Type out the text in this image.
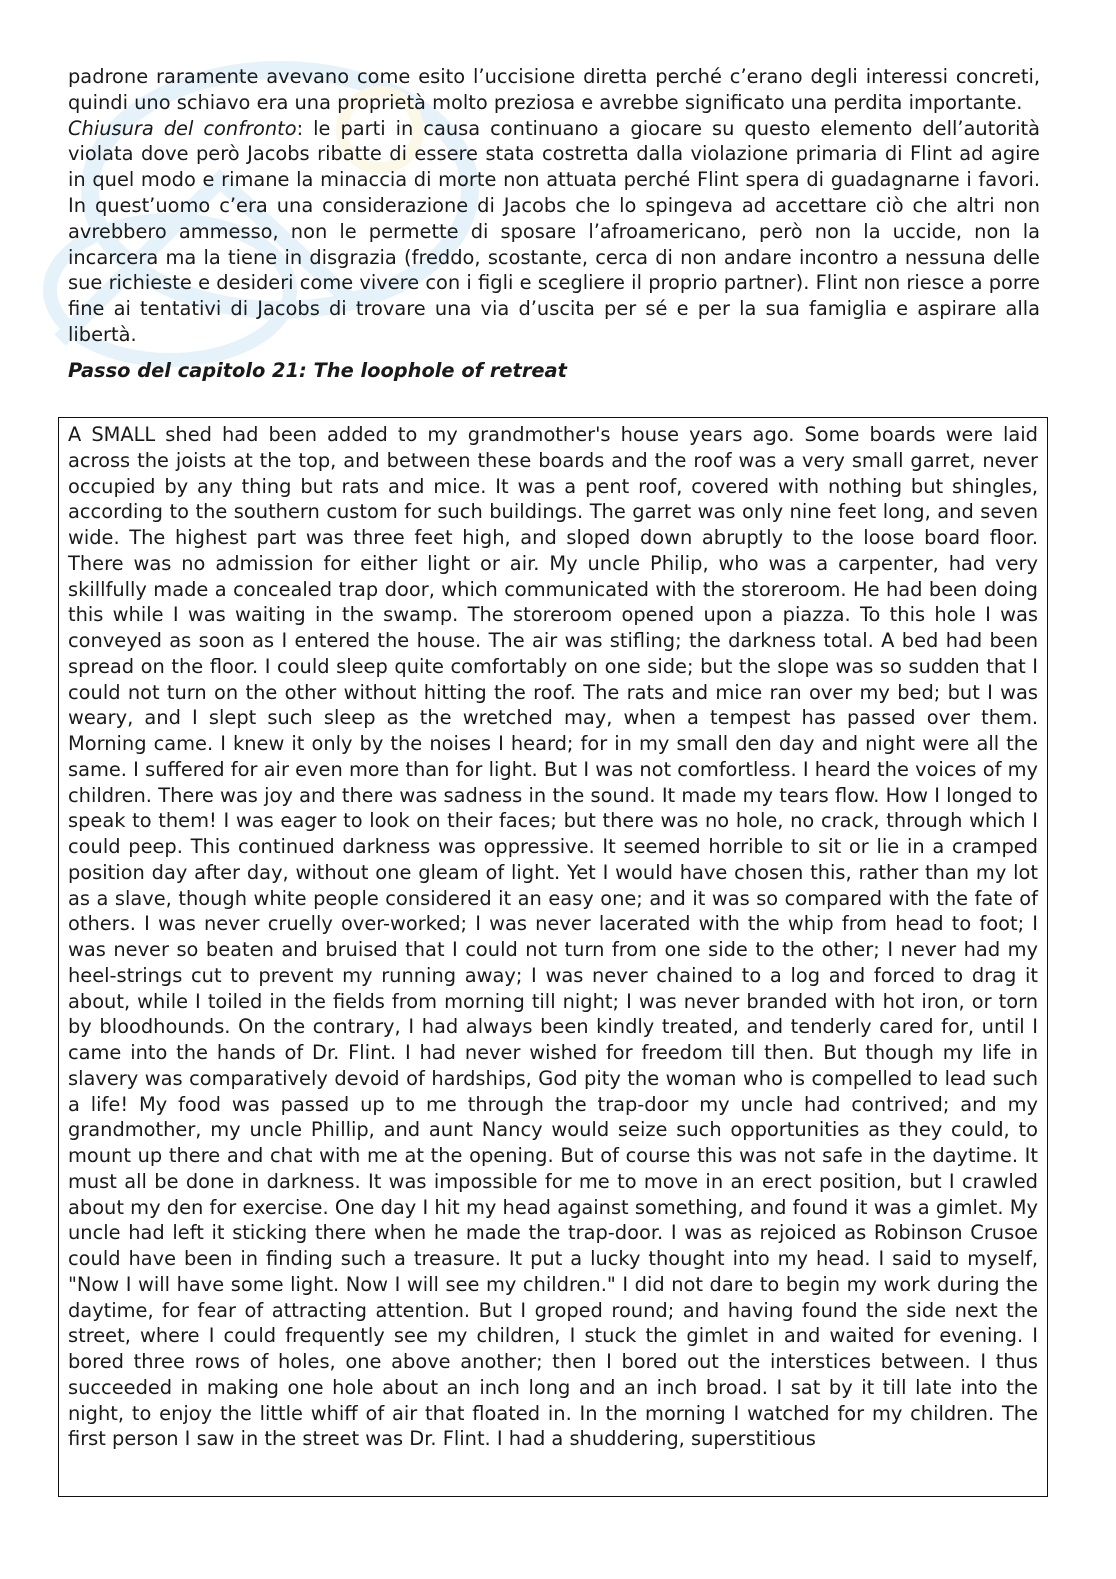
padrone raramente avevano come esito l’uccisione diretta perché c’erano degli interessi concreti, quindi uno schiavo era una proprietà molto preziosa e avrebbe significato una perdita importante.

Chiusura del confronto: le parti in causa continuano a giocare su questo elemento dell’autorità violata dove però Jacobs ribatte di essere stata costretta dalla violazione primaria di Flint ad agire in quel modo e rimane la minaccia di morte non attuata perché Flint spera di guadagnarne i favori. In quest’uomo c’era una considerazione di Jacobs che lo spingeva ad accettare ciò che altri non avrebbero ammesso, non le permette di sposare l’afroamericano, però non la uccide, non la incarcera ma la tiene in disgrazia (freddo, scostante, cerca di non andare incontro a nessuna delle sue richieste e desideri come vivere con i figli e scegliere il proprio partner). Flint non riesce a porre fine ai tentativi di Jacobs di trovare una via d’uscita per sé e per la sua famiglia e aspirare alla libertà.

Passo del capitolo 21: The loophole of retreat

A SMALL shed had been added to my grandmother's house years ago. Some boards were laid across the joists at the top, and between these boards and the roof was a very small garret, never occupied by any thing but rats and mice. It was a pent roof, covered with nothing but shingles, according to the southern custom for such buildings. The garret was only nine feet long, and seven wide. The highest part was three feet high, and sloped down abruptly to the loose board floor. There was no admission for either light or air. My uncle Philip, who was a carpenter, had very skillfully made a concealed trap door, which communicated with the storeroom. He had been doing this while I was waiting in the swamp. The storeroom opened upon a piazza. To this hole I was conveyed as soon as I entered the house. The air was stifling; the darkness total. A bed had been spread on the floor. I could sleep quite comfortably on one side; but the slope was so sudden that I could not turn on the other without hitting the roof. The rats and mice ran over my bed; but I was weary, and I slept such sleep as the wretched may, when a tempest has passed over them. Morning came. I knew it only by the noises I heard; for in my small den day and night were all the same. I suffered for air even more than for light. But I was not comfortless. I heard the voices of my children. There was joy and there was sadness in the sound. It made my tears flow. How I longed to speak to them! I was eager to look on their faces; but there was no hole, no crack, through which I could peep. This continued darkness was oppressive. It seemed horrible to sit or lie in a cramped position day after day, without one gleam of light. Yet I would have chosen this, rather than my lot as a slave, though white people considered it an easy one; and it was so compared with the fate of others. I was never cruelly over-worked; I was never lacerated with the whip from head to foot; I was never so beaten and bruised that I could not turn from one side to the other; I never had my heel-strings cut to prevent my running away; I was never chained to a log and forced to drag it about, while I toiled in the fields from morning till night; I was never branded with hot iron, or torn by bloodhounds. On the contrary, I had always been kindly treated, and tenderly cared for, until I came into the hands of Dr. Flint. I had never wished for freedom till then. But though my life in slavery was comparatively devoid of hardships, God pity the woman who is compelled to lead such a life! My food was passed up to me through the trap-door my uncle had contrived; and my grandmother, my uncle Phillip, and aunt Nancy would seize such opportunities as they could, to mount up there and chat with me at the opening. But of course this was not safe in the daytime. It must all be done in darkness. It was impossible for me to move in an erect position, but I crawled about my den for exercise. One day I hit my head against something, and found it was a gimlet. My uncle had left it sticking there when he made the trap-door. I was as rejoiced as Robinson Crusoe could have been in finding such a treasure. It put a lucky thought into my head. I said to myself, "Now I will have some light. Now I will see my children." I did not dare to begin my work during the daytime, for fear of attracting attention. But I groped round; and having found the side next the street, where I could frequently see my children, I stuck the gimlet in and waited for evening. I bored three rows of holes, one above another; then I bored out the interstices between. I thus succeeded in making one hole about an inch long and an inch broad. I sat by it till late into the night, to enjoy the little whiff of air that floated in. In the morning I watched for my children. The first person I saw in the street was Dr. Flint. I had a shuddering, superstitious
